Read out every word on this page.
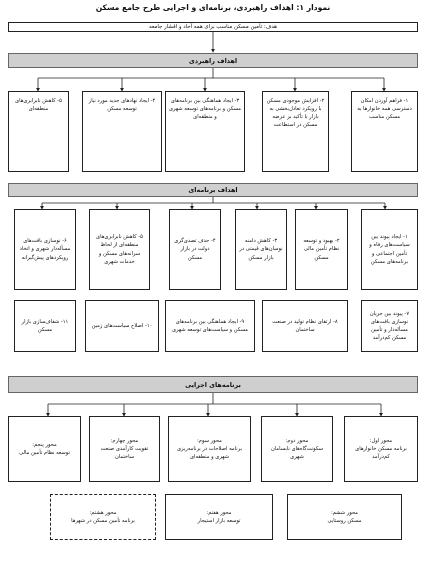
نمودار ۱: اهداف راهبردی، برنامه‌ای و اجرایی طرح جامع مسکن
هدف: تأمین مسکن مناسب برای همه آحاد و اقشار جامعه
اهداف راهبردی
اهداف برنامه‌ای
برنامه‌های اجرایی
۱- فراهم آوردن امکان دسترسی همه خانوارها به مسکن مناسب
۲- افزایش موجودی مسکن با رویکرد تعادل‌بخشی به بازار با تأکید بر عرضه مسکن در استطاعت
۳- ایجاد هماهنگی بین برنامه‌های مسکن و برنامه‌های توسعه شهری و منطقه‌ای
۴- ایجاد نهادهای جدید مورد نیاز توسعه مسکن
۵- کاهش نابرابری‌های منطقه‌ای
۱- ایجاد پیوند بین سیاست‌های رفاه و تأمین اجتماعی و برنامه‌های مسکن
۲- بهبود و توسعه نظام تأمین مالی مسکن
۳- کاهش دامنه نوسان‌های قیمتی در بازار مسکن
۴- حذف تصدی‌گری دولت در بازار مسکن
۵- کاهش نابرابری‌های منطقه‌ای از لحاظ سرانه‌های مسکن و خدمات شهری
۶- نوسازی بافت‌های مسأله‌دار شهری و اتخاذ رویکردهای پیش‌گیرانه
۷- پیوند بین جریان نوسازی بافت‌های مسأله‌دار و تأمین مسکن کم‌درآمد
۸- ارتقای نظام تولید در صنعت ساختمان
۹- ایجاد هماهنگی بین برنامه‌های مسکن و سیاست‌های توسعه شهری
۱۰- اصلاح سیاست‌های زمین
۱۱- شفاف‌سازی بازار مسکن
محور اول:
برنامه مسکن خانوارهای کم‌درآمد
محور دوم:
سکونت‌گاه‌های نابسامان شهری
محور سوم:
برنامه اصلاحات در برنامه‌ریزی شهری و منطقه‌ای
محور چهارم:
تقویت کارآمدی صنعت ساختمان
محور پنجم:
توسعه نظام تأمین مالی
محور ششم:
مسکن روستایی
محور هفتم:
توسعه بازار استیجار
محور هشتم:
برنامه تأمین مسکن در شهرها
